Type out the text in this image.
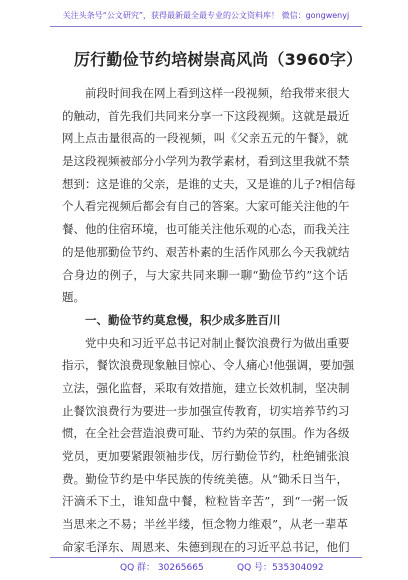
关注头条号“公文研究”，获得最新最全最专业的公文资料库！ 微信：gongwenyj
厉行勤俭节约培树崇高风尚（3960字）
前段时间我在网上看到这样一段视频，给我带来很大
的触动，首先我们共同来分享一下这段视频。这就是最近
网上点击量很高的一段视频，叫《父亲五元的午餐》，就
是这段视频被部分小学列为教学素材，看到这里我就不禁
想到：这是谁的父亲，是谁的丈夫，又是谁的儿子?相信每
个人看完视频后都会有自己的答案。大家可能关注他的午
餐、他的住宿环境，也可能关注他乐观的心态，而我关注
的是他那勤俭节约、艰苦朴素的生活作风那么今天我就结
合身边的例子，与大家共同来聊一聊“勤俭节约”这个话
题。
一、勤俭节约莫怠慢，积少成多胜百川
党中央和习近平总书记对制止餐饮浪费行为做出重要
指示，餐饮浪费现象触目惊心、令人痛心!他强调，要加强
立法，强化监督，采取有效措施，建立长效机制，坚决制
止餐饮浪费行为要进一步加强宣传教育，切实培养节约习
惯，在全社会营造浪费可耻、节约为荣的氛围。作为各级
党员，更加要紧跟领袖步伐，厉行勤俭节约，杜绝铺张浪
费。勤俭节约是中华民族的传统美德。从“锄禾日当午，
汗滴禾下土，谁知盘中餐，粒粒皆辛苦”，到“一粥一饭
当思来之不易；半丝半缕，恒念物力维艰”，从老一辈革
命家毛泽东、周恩来、朱德到现在的习近平总书记，他们
QQ 群： 30265665	QQ 号：535304092
